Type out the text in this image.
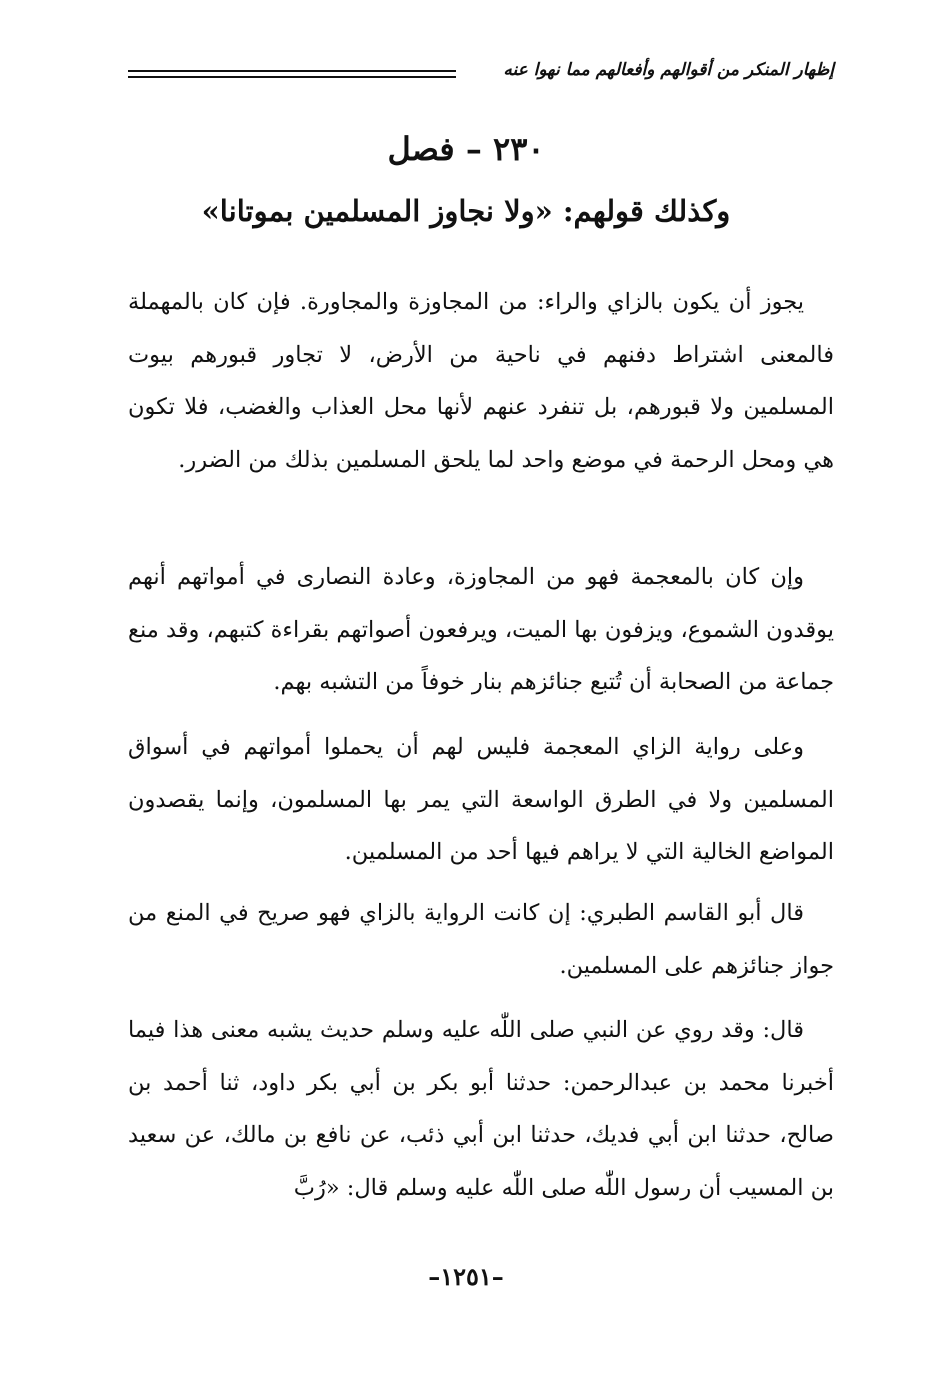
إظهار المنكر من أقوالهم وأفعالهم مما نهوا عنه
٢٣٠ – فصل
وكذلك قولهم: «ولا نجاوز المسلمين بموتانا»

يجوز أن يكون بالزاي والراء: من المجاوزة والمجاورة. فإن كان بالمهملة فالمعنى اشتراط دفنهم في ناحية من الأرض، لا تجاور قبورهم بيوت المسلمين ولا قبورهم، بل تنفرد عنهم لأنها محل العذاب والغضب، فلا تكون هي ومحل الرحمة في موضع واحد لما يلحق المسلمين بذلك من الضرر.

وإن كان بالمعجمة فهو من المجاوزة، وعادة النصارى في أمواتهم أنهم يوقدون الشموع، ويزفون بها الميت، ويرفعون أصواتهم بقراءة كتبهم، وقد منع جماعة من الصحابة أن تُتبع جنائزهم بنار خوفاً من التشبه بهم.

وعلى رواية الزاي المعجمة فليس لهم أن يحملوا أمواتهم في أسواق المسلمين ولا في الطرق الواسعة التي يمر بها المسلمون، وإنما يقصدون المواضع الخالية التي لا يراهم فيها أحد من المسلمين.

قال أبو القاسم الطبري: إن كانت الرواية بالزاي فهو صريح في المنع من جواز جنائزهم على المسلمين.

قال: وقد روي عن النبي صلى اللّٰه عليه وسلم حديث يشبه معنى هذا فيما أخبرنا محمد بن عبدالرحمن: حدثنا أبو بكر بن أبي بكر داود، ثنا أحمد بن صالح، حدثنا ابن أبي فديك، حدثنا ابن أبي ذئب، عن نافع بن مالك، عن سعيد بن المسيب أن رسول اللّٰه صلى اللّٰه عليه وسلم قال: «رُبَّ

–١٢٥١–
